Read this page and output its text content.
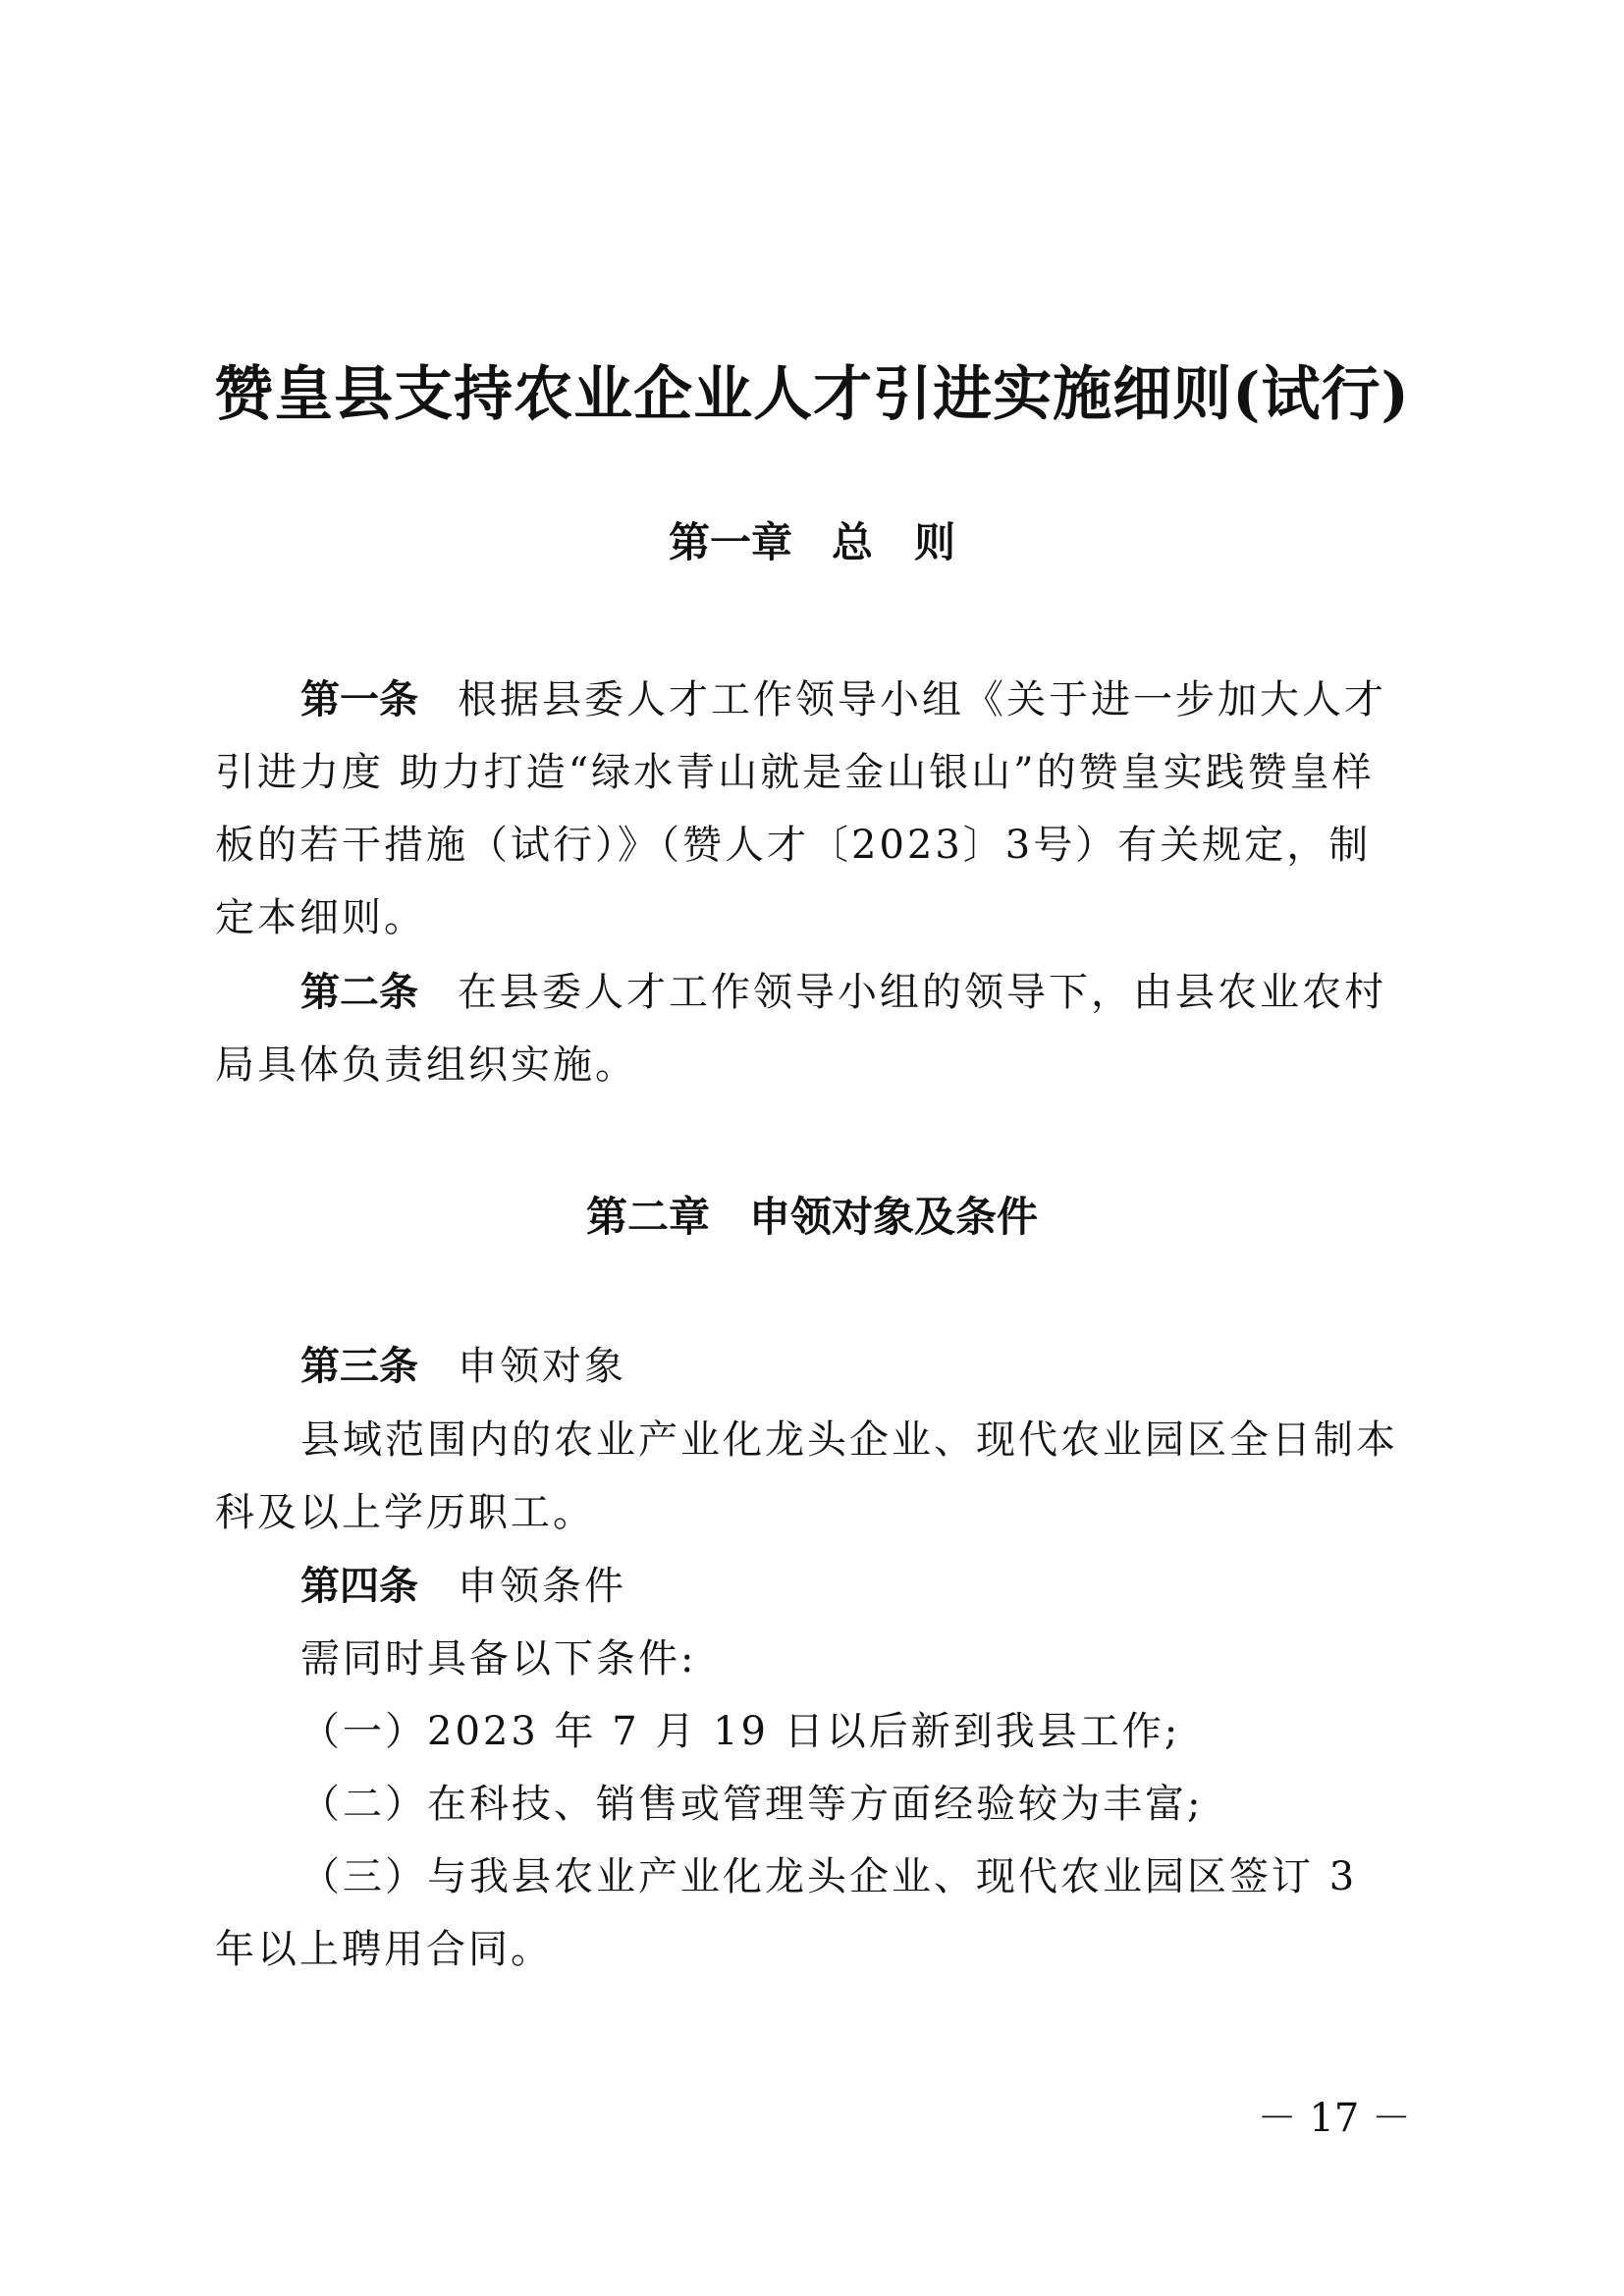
赞皇县支持农业企业人才引进实施细则(试行)
第一章 总　则

第一条 根据县委人才工作领导小组《关于进一步加大人才引进力度 助力打造“绿水青山就是金山银山”的赞皇实践赞皇样板的若干措施（试行）》（赞人才〔2023〕3号）有关规定，制定本细则。

第二条 在县委人才工作领导小组的领导下，由县农业农村局具体负责组织实施。

第二章 申领对象及条件

第三条 申领对象

县域范围内的农业产业化龙头企业、现代农业园区全日制本科及以上学历职工。

第四条 申领条件

需同时具备以下条件:

（一）2023 年 7 月 19 日以后新到我县工作;

（二）在科技、销售或管理等方面经验较为丰富;

（三）与我县农业产业化龙头企业、现代农业园区签订 3 年以上聘用合同。

－ 17 －
